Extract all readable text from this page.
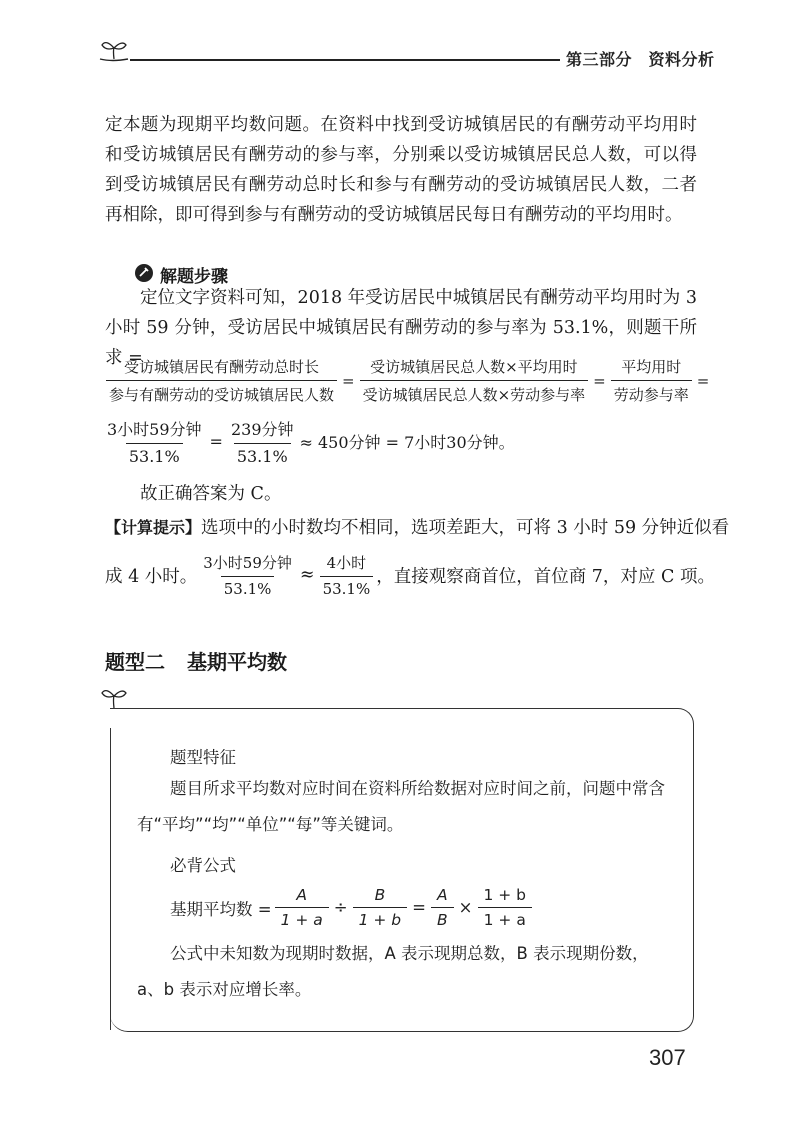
第三部分　资料分析
定本题为现期平均数问题。在资料中找到受访城镇居民的有酬劳动平均用时和受访城镇居民有酬劳动的参与率，分别乘以受访城镇居民总人数，可以得到受访城镇居民有酬劳动总时长和参与有酬劳动的受访城镇居民人数，二者再相除，即可得到参与有酬劳动的受访城镇居民每日有酬劳动的平均用时。
解题步骤
定位文字资料可知，2018 年受访居民中城镇居民有酬劳动平均用时为 3 小时 59 分钟，受访居民中城镇居民有酬劳动的参与率为 53.1%，则题干所求 =
$\frac{\text{受访城镇居民有酬劳动总时长}}{\text{参与有酬劳动的受访城镇居民人数}} = \frac{\text{受访城镇居民总人数×平均用时}}{\text{受访城镇居民总人数×劳动参与率}} = \frac{\text{平均用时}}{\text{劳动参与率}}$ =
$\frac{\text{3小时59分钟}}{53.1\%} = \frac{\text{239分钟}}{53.1\%} \approx 450$分钟 = 7小时30分钟。
故正确答案为 C。
【计算提示】选项中的小时数均不相同，选项差距大，可将 3 小时 59 分钟近似看
成 4 小时。 $\frac{\text{3小时59分钟}}{53.1\%} \approx \frac{\text{4小时}}{53.1\%}$ ，直接观察商首位，首位商 7，对应 C 项。
题型二 基期平均数
题型特征
题目所求平均数对应时间在资料所给数据对应时间之前，问题中常含有“平均”“均”“单位”“每”等关键词。
必背公式
基期平均数 = $\frac{A}{1 + a} \div \frac{B}{1 + b} = \frac{A}{B} \times \frac{1 + b}{1 + a}$
公式中未知数为现期时数据，A 表示现期总数，B 表示现期份数，a、b 表示对应增长率。
307
